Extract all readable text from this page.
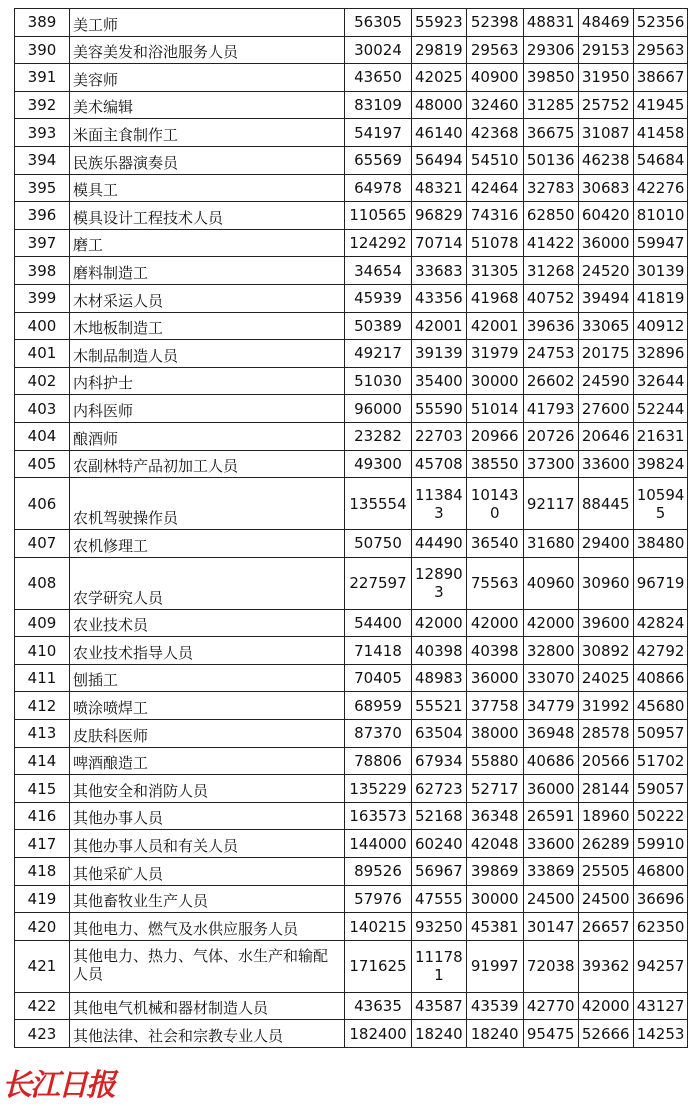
389	美工师	56305	55923	52398	48831	48469	52356
390	美容美发和浴池服务人员	30024	29819	29563	29306	29153	29563
391	美容师	43650	42025	40900	39850	31950	38667
392	美术编辑	83109	48000	32460	31285	25752	41945
393	米面主食制作工	54197	46140	42368	36675	31087	41458
394	民族乐器演奏员	65569	56494	54510	50136	46238	54684
395	模具工	64978	48321	42464	32783	30683	42276
396	模具设计工程技术人员	110565	96829	74316	62850	60420	81010
397	磨工	124292	70714	51078	41422	36000	59947
398	磨料制造工	34654	33683	31305	31268	24520	30139
399	木材采运人员	45939	43356	41968	40752	39494	41819
400	木地板制造工	50389	42001	42001	39636	33065	40912
401	木制品制造人员	49217	39139	31979	24753	20175	32896
402	内科护士	51030	35400	30000	26602	24590	32644
403	内科医师	96000	55590	51014	41793	27600	52244
404	酿酒师	23282	22703	20966	20726	20646	21631
405	农副林特产品初加工人员	49300	45708	38550	37300	33600	39824
406	农机驾驶操作员	135554	113843	101430	92117	88445	105945
407	农机修理工	50750	44490	36540	31680	29400	38480
408	农学研究人员	227597	128903	75563	40960	30960	96719
409	农业技术员	54400	42000	42000	42000	39600	42824
410	农业技术指导人员	71418	40398	40398	32800	30892	42792
411	刨插工	70405	48983	36000	33070	24025	40866
412	喷涂喷焊工	68959	55521	37758	34779	31992	45680
413	皮肤科医师	87370	63504	38000	36948	28578	50957
414	啤酒酿造工	78806	67934	55880	40686	20566	51702
415	其他安全和消防人员	135229	62723	52717	36000	28144	59057
416	其他办事人员	163573	52168	36348	26591	18960	50222
417	其他办事人员和有关人员	144000	60240	42048	33600	26289	59910
418	其他采矿人员	89526	56967	39869	33869	25505	46800
419	其他畜牧业生产人员	57976	47555	30000	24500	24500	36696
420	其他电力、燃气及水供应服务人员	140215	93250	45381	30147	26657	62350
421	其他电力、热力、气体、水生产和输配人员	171625	111781	91997	72038	39362	94257
422	其他电气机械和器材制造人员	43635	43587	43539	42770	42000	43127
423	其他法律、社会和宗教专业人员	182400	18240	18240	95475	52666	14253
长江日报
